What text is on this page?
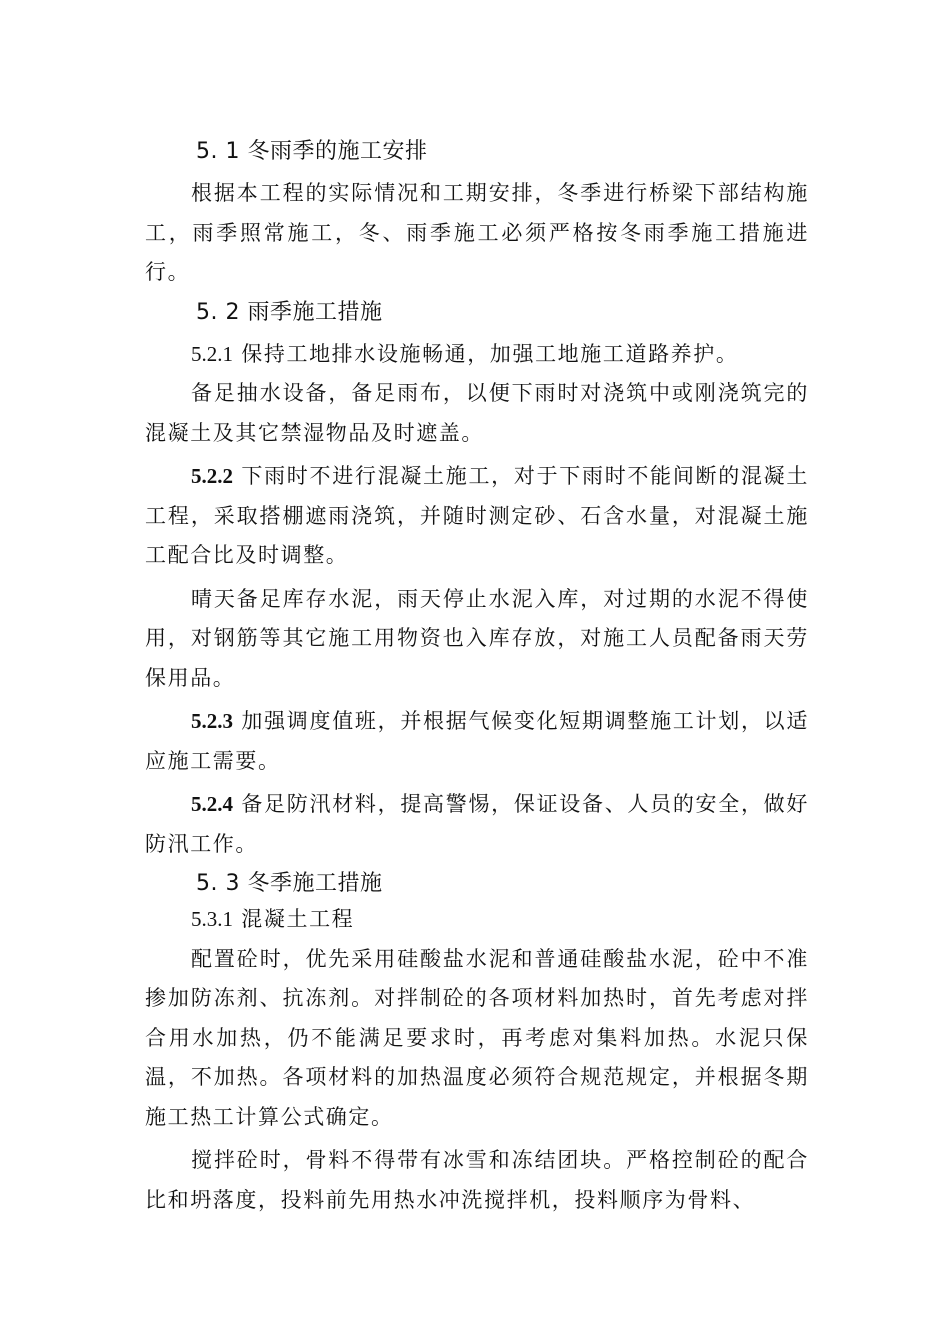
5. 1 冬雨季的施工安排

根据本工程的实际情况和工期安排，冬季进行桥梁下部结构施工，雨季照常施工，冬、雨季施工必须严格按冬雨季施工措施进行。

5. 2 雨季施工措施

5.2.1 保持工地排水设施畅通，加强工地施工道路养护。

备足抽水设备，备足雨布，以便下雨时对浇筑中或刚浇筑完的混凝土及其它禁湿物品及时遮盖。

5.2.2 下雨时不进行混凝土施工，对于下雨时不能间断的混凝土工程，采取搭棚遮雨浇筑，并随时测定砂、石含水量，对混凝土施工配合比及时调整。

晴天备足库存水泥，雨天停止水泥入库，对过期的水泥不得使用，对钢筋等其它施工用物资也入库存放，对施工人员配备雨天劳保用品。

5.2.3 加强调度值班，并根据气候变化短期调整施工计划，以适应施工需要。

5.2.4 备足防汛材料，提高警惕，保证设备、人员的安全，做好防汛工作。

5. 3 冬季施工措施

5.3.1 混凝土工程

配置砼时，优先采用硅酸盐水泥和普通硅酸盐水泥，砼中不准掺加防冻剂、抗冻剂。对拌制砼的各项材料加热时，首先考虑对拌合用水加热，仍不能满足要求时，再考虑对集料加热。水泥只保温，不加热。各项材料的加热温度必须符合规范规定，并根据冬期施工热工计算公式确定。

搅拌砼时，骨料不得带有冰雪和冻结团块。严格控制砼的配合比和坍落度，投料前先用热水冲洗搅拌机，投料顺序为骨料、
